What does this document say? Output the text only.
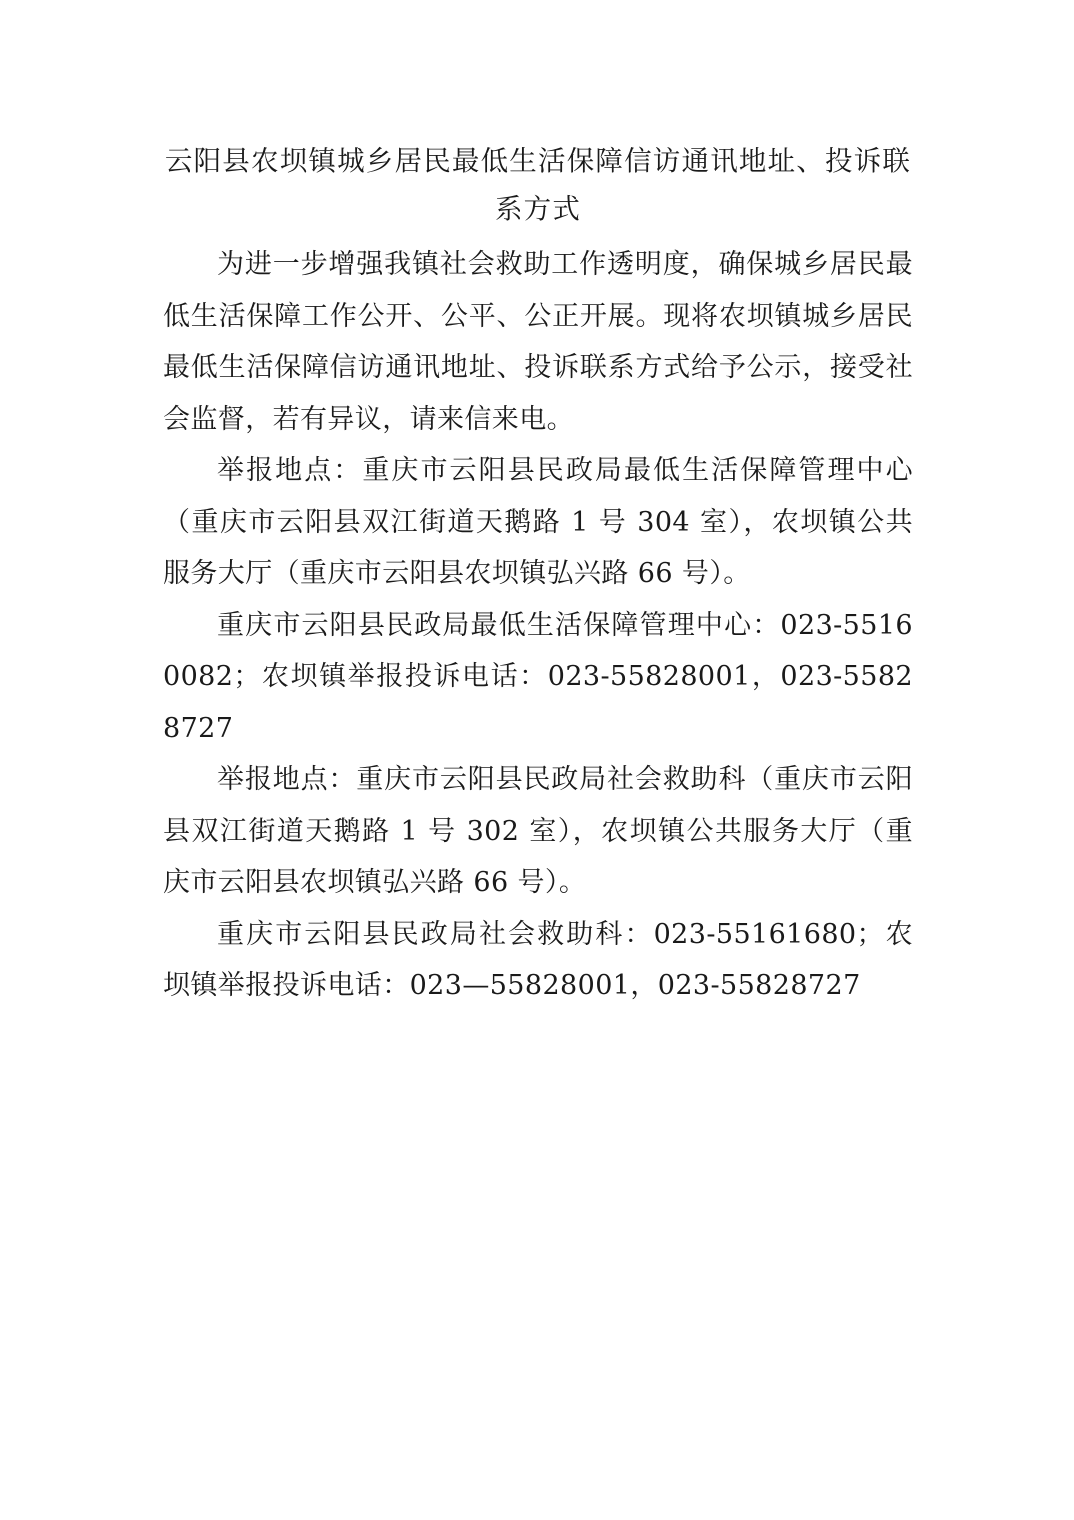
云阳县农坝镇城乡居民最低生活保障信访通讯地址、投诉联
系方式

为进一步增强我镇社会救助工作透明度，确保城乡居民最低生活保障工作公开、公平、公正开展。现将农坝镇城乡居民最低生活保障信访通讯地址、投诉联系方式给予公示，接受社会监督，若有异议，请来信来电。

举报地点：重庆市云阳县民政局最低生活保障管理中心（重庆市云阳县双江街道天鹅路 1 号 304 室），农坝镇公共服务大厅（重庆市云阳县农坝镇弘兴路 66 号）。

重庆市云阳县民政局最低生活保障管理中心：023-55160082；农坝镇举报投诉电话：023-55828001，023-55828727

举报地点：重庆市云阳县民政局社会救助科（重庆市云阳县双江街道天鹅路 1 号 302 室），农坝镇公共服务大厅（重庆市云阳县农坝镇弘兴路 66 号）。

重庆市云阳县民政局社会救助科：023-55161680；农坝镇举报投诉电话：023—55828001，023-55828727
